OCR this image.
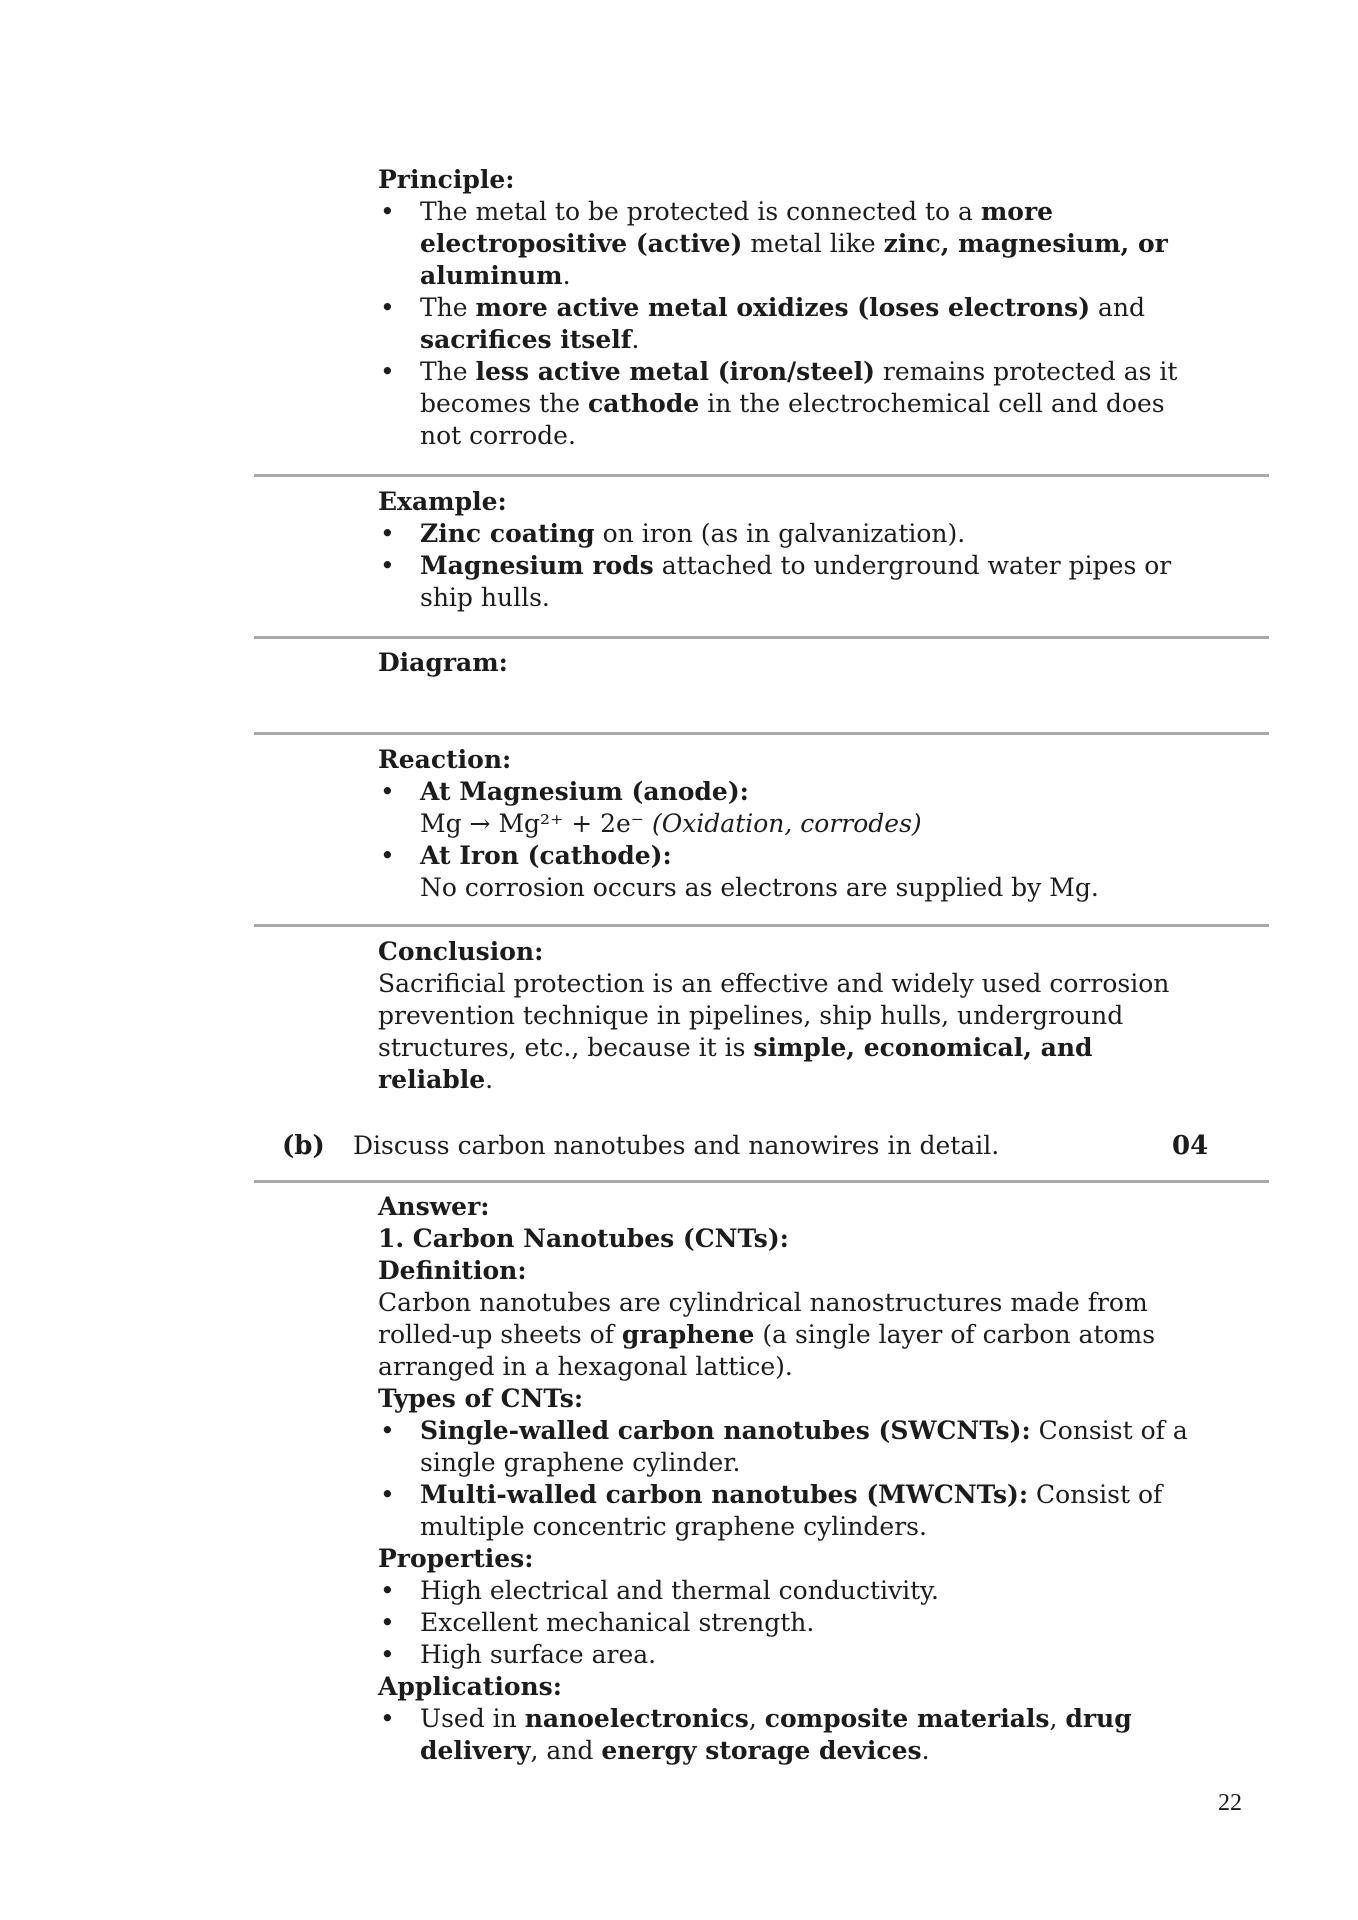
Principle:
• The metal to be protected is connected to a more electropositive (active) metal like zinc, magnesium, or aluminum.
• The more active metal oxidizes (loses electrons) and sacrifices itself.
• The less active metal (iron/steel) remains protected as it becomes the cathode in the electrochemical cell and does not corrode.
Example:
• Zinc coating on iron (as in galvanization).
• Magnesium rods attached to underground water pipes or ship hulls.
Diagram:
Reaction:
• At Magnesium (anode):
Mg → Mg²⁺ + 2e⁻ (Oxidation, corrodes)
• At Iron (cathode):
No corrosion occurs as electrons are supplied by Mg.
Conclusion:
Sacrificial protection is an effective and widely used corrosion prevention technique in pipelines, ship hulls, underground structures, etc., because it is simple, economical, and reliable.
(b) Discuss carbon nanotubes and nanowires in detail.	04
Answer:
1. Carbon Nanotubes (CNTs):
Definition:
Carbon nanotubes are cylindrical nanostructures made from rolled-up sheets of graphene (a single layer of carbon atoms arranged in a hexagonal lattice).
Types of CNTs:
• Single-walled carbon nanotubes (SWCNTs): Consist of a single graphene cylinder.
• Multi-walled carbon nanotubes (MWCNTs): Consist of multiple concentric graphene cylinders.
Properties:
• High electrical and thermal conductivity.
• Excellent mechanical strength.
• High surface area.
Applications:
• Used in nanoelectronics, composite materials, drug delivery, and energy storage devices.
22
